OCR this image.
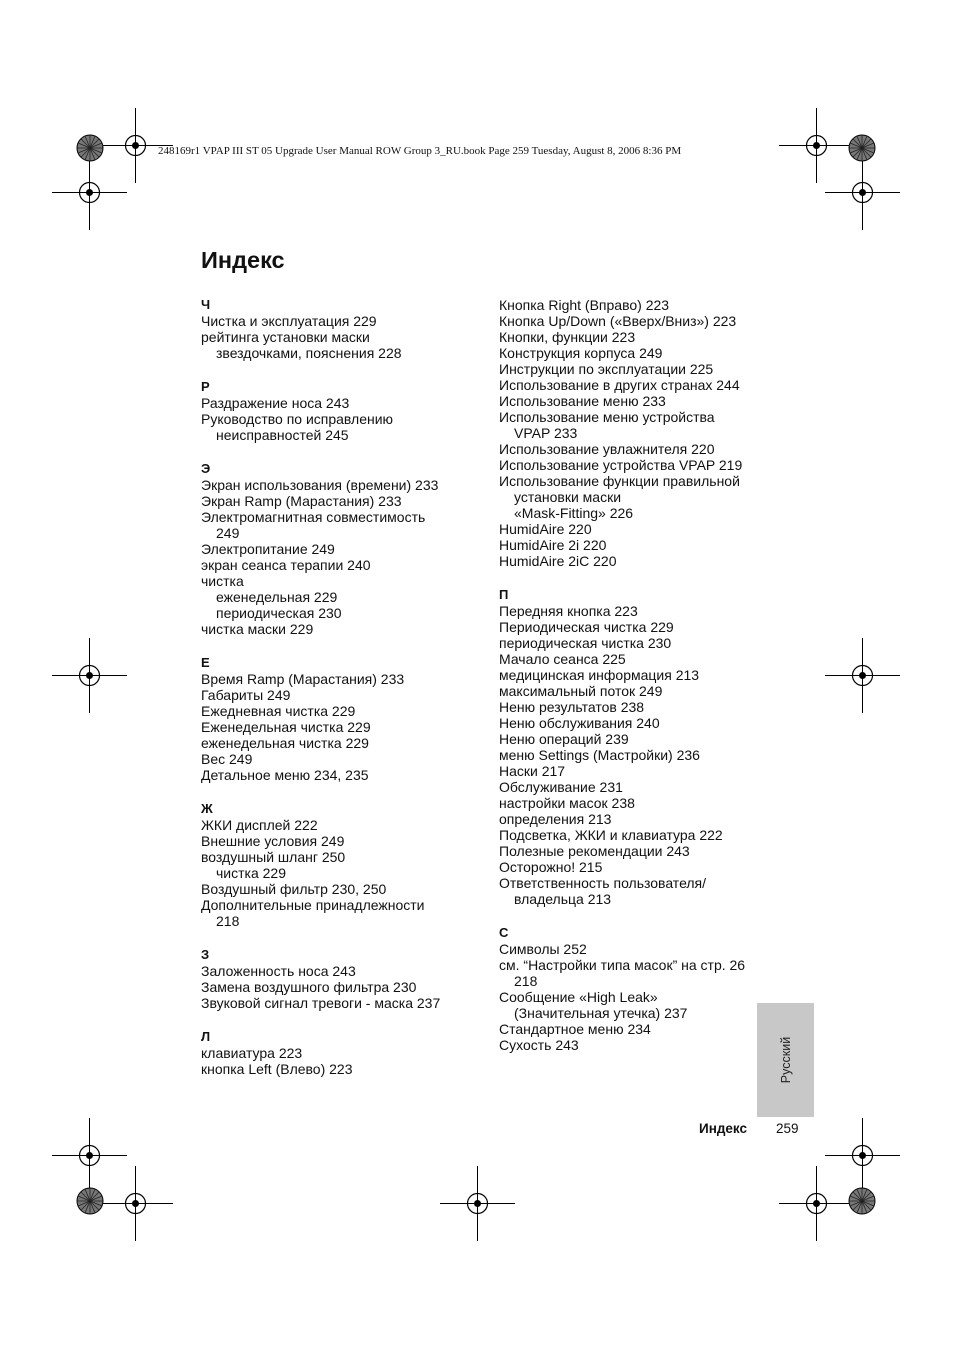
248169r1 VPAP III ST 05 Upgrade User Manual ROW Group 3_RU.book Page 259 Tuesday, August 8, 2006 8:36 PM
Индекс
Ч
Чистка и эксплуатация 229
рейтинга установки маски
звездочками, пояснения 228
Р
Раздражение носа 243
Руководство по исправлению
неисправностей 245
Э
Экран использования (времени) 233
Экран Ramp (Марастания) 233
Электромагнитная совместимость
249
Электропитание 249
экран сеанса терапии 240
чистка
еженедельная 229
периодическая 230
чистка маски 229
Е
Время Ramp (Марастания) 233
Габариты 249
Ежедневная чистка 229
Еженедельная чистка 229
еженедельная чистка 229
Вес 249
Детальное меню 234, 235
Ж
ЖКИ дисплей 222
Внешние условия 249
воздушный шланг 250
чистка 229
Воздушный фильтр 230, 250
Дополнительные принадлежности
218
З
Заложенность носа 243
Замена воздушного фильтра 230
Звуковой сигнал тревоги - маска 237
Л
клавиатура 223
кнопка Left (Влево) 223
Кнопка Right (Вправо) 223
Кнопка Up/Down («Вверх/Вниз») 223
Кнопки, функции 223
Конструкция корпуса 249
Инструкции по эксплуатации 225
Использование в других странах 244
Использование меню 233
Использование меню устройства
VPAP 233
Использование увлажнителя 220
Использование устройства VPAP 219
Использование функции правильной
установки маски
«Mask-Fitting» 226
HumidAire 220
HumidAire 2i 220
HumidAire 2iC 220
П
Передняя кнопка 223
Периодическая чистка 229
периодическая чистка 230
Мачало сеанса 225
медицинская информация 213
максимальный поток 249
Неню результатов 238
Неню обслуживания 240
Неню операций 239
меню Settings (Мастройки) 236
Наски 217
Обслуживание 231
настройки масок 238
определения 213
Подсветка, ЖКИ и клавиатура 222
Полезные рекомендации 243
Осторожно! 215
Ответственность пользователя/
владельца 213
С
Символы 252
см. “Настройки типа масок” на стр. 26
218
Сообщение «High Leak»
(Значительная утечка) 237
Стандартное меню 234
Сухость 243	Русский
Индекс 259
